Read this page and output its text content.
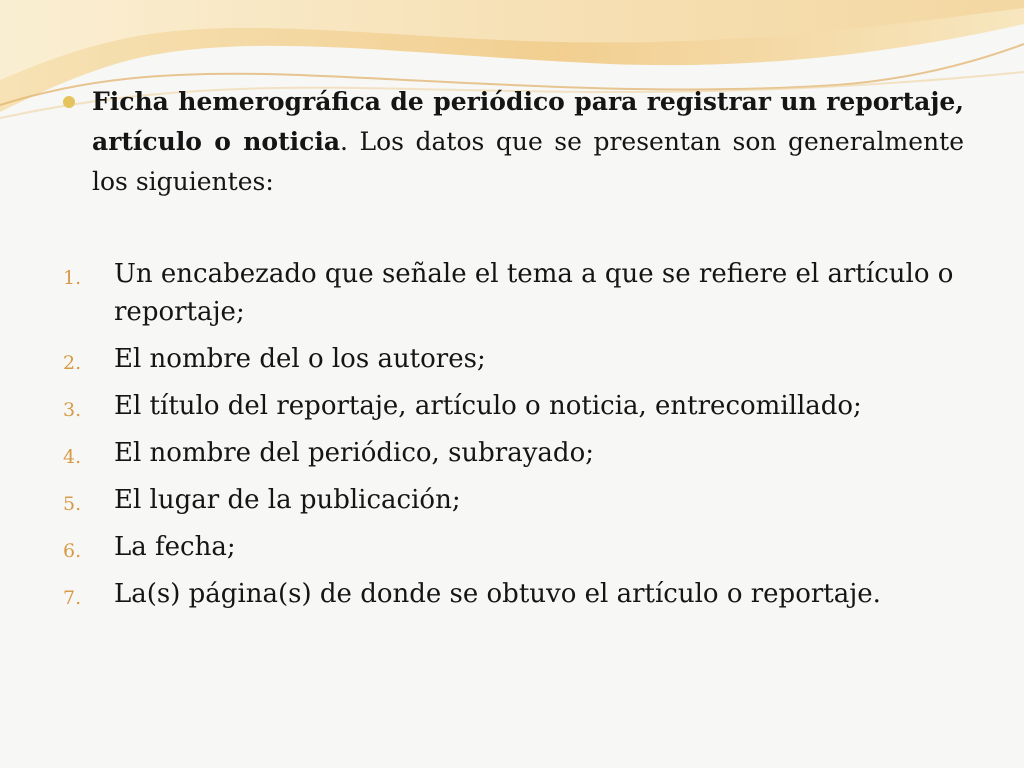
Ficha hemerográfica de periódico para registrar un reportaje, artículo o noticia. Los datos que se presentan son generalmente los siguientes:

1. Un encabezado que señale el tema a que se refiere el artículo o reportaje;
2. El nombre del o los autores;
3. El título del reportaje, artículo o noticia, entrecomillado;
4. El nombre del periódico, subrayado;
5. El lugar de la publicación;
6. La fecha;
7. La(s) página(s) de donde se obtuvo el artículo o reportaje.
